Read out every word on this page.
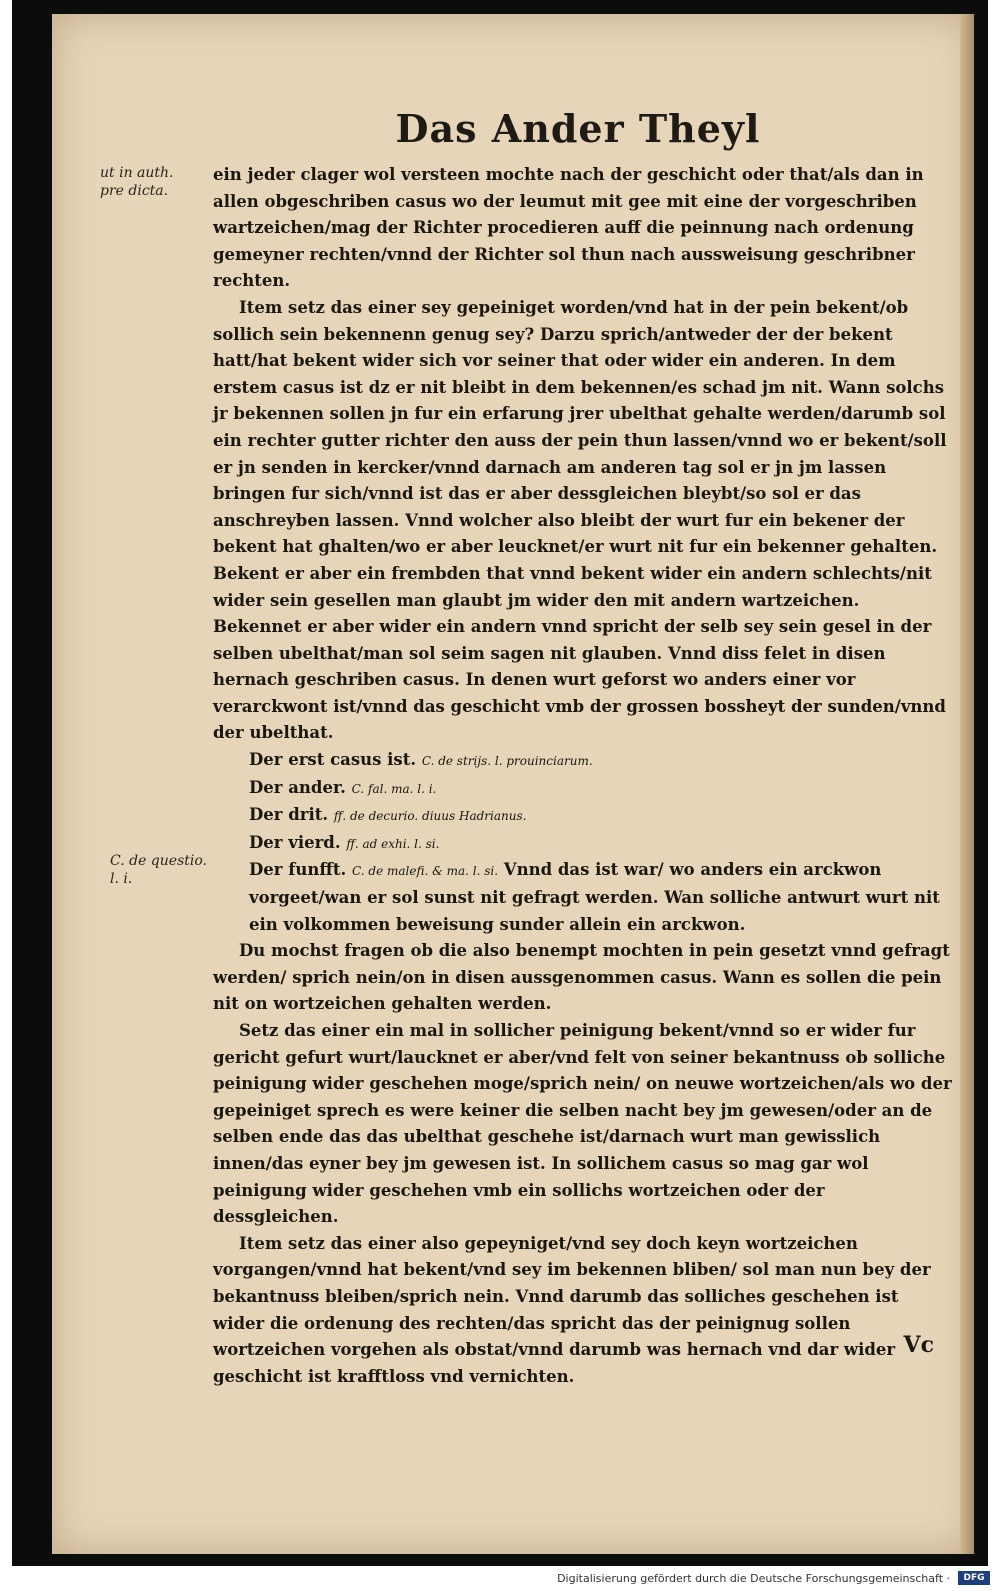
Das Ander Theyl
ut in auth. pre dicta.
C. de questio. l. i.

ein jeder clager wol versteen mochte nach der geschicht oder that/als dan in allen obgeschriben casus wo der leumut mit gee mit eine der vorgeschriben wartzeichen/mag der Richter procedieren auff die peinnung nach ordenung gemeyner rechten/vnnd der Richter sol thun nach aussweisung geschribner rechten.

Item setz das einer sey gepeiniget worden/vnd hat in der pein bekent/ob sollich sein bekennenn genug sey? Darzu sprich/antweder der der bekent hatt/hat bekent wider sich vor seiner that oder wider ein anderen. In dem erstem casus ist dz er nit bleibt in dem bekennen/es schad jm nit. Wann solchs jr bekennen sollen jn fur ein erfarung jrer ubelthat gehalte werden/darumb sol ein rechter gutter richter den auss der pein thun lassen/vnnd wo er bekent/soll er jn senden in kercker/vnnd darnach am anderen tag sol er jn jm lassen bringen fur sich/vnnd ist das er aber dessgleichen bleybt/so sol er das anschreyben lassen. Vnnd wolcher also bleibt der wurt fur ein bekener der bekent hat ghalten/wo er aber leucknet/er wurt nit fur ein bekenner gehalten. Bekent er aber ein frembden that vnnd bekent wider ein andern schlechts/nit wider sein gesellen man glaubt jm wider den mit andern wartzeichen. Bekennet er aber wider ein andern vnnd spricht der selb sey sein gesel in der selben ubelthat/man sol seim sagen nit glauben. Vnnd diss felet in disen hernach geschriben casus. In denen wurt geforst wo anders einer vor verarckwont ist/vnnd das geschicht vmb der grossen bossheyt der sunden/vnnd der ubelthat.

Der erst casus ist. C. de strijs. l. prouinciarum.

Der ander. C. fal. ma. l. i.

Der drit. ff. de decurio. diuus Hadrianus.

Der vierd. ff. ad exhi. l. si.

Der funfft. C. de malefi. & ma. l. si. Vnnd das ist war/ wo anders ein arckwon vorgeet/wan er sol sunst nit gefragt werden. Wan solliche antwurt wurt nit ein volkommen beweisung sunder allein ein arckwon.

Du mochst fragen ob die also benempt mochten in pein gesetzt vnnd gefragt werden/ sprich nein/on in disen aussgenommen casus. Wann es sollen die pein nit on wortzeichen gehalten werden.

Setz das einer ein mal in sollicher peinigung bekent/vnnd so er wider fur gericht gefurt wurt/laucknet er aber/vnd felt von seiner bekantnuss ob solliche peinigung wider geschehen moge/sprich nein/ on neuwe wortzeichen/als wo der gepeiniget sprech es were keiner die selben nacht bey jm gewesen/oder an de selben ende das das ubelthat geschehe ist/darnach wurt man gewisslich innen/das eyner bey jm gewesen ist. In sollichem casus so mag gar wol peinigung wider geschehen vmb ein sollichs wortzeichen oder der dessgleichen.

Item setz das einer also gepeyniget/vnd sey doch keyn wortzeichen vorgangen/vnnd hat bekent/vnd sey im bekennen bliben/ sol man nun bey der bekantnuss bleiben/sprich nein. Vnnd darumb das solliches geschehen ist wider die ordenung des rechten/das spricht das der peinignug sollen wortzeichen vorgehen als obstat/vnnd darumb was hernach vnd dar wider geschicht ist krafftloss vnd vernichten.

Vc
Digitalisierung gefördert durch die Deutsche Forschungsgemeinschaft ·	DFG
